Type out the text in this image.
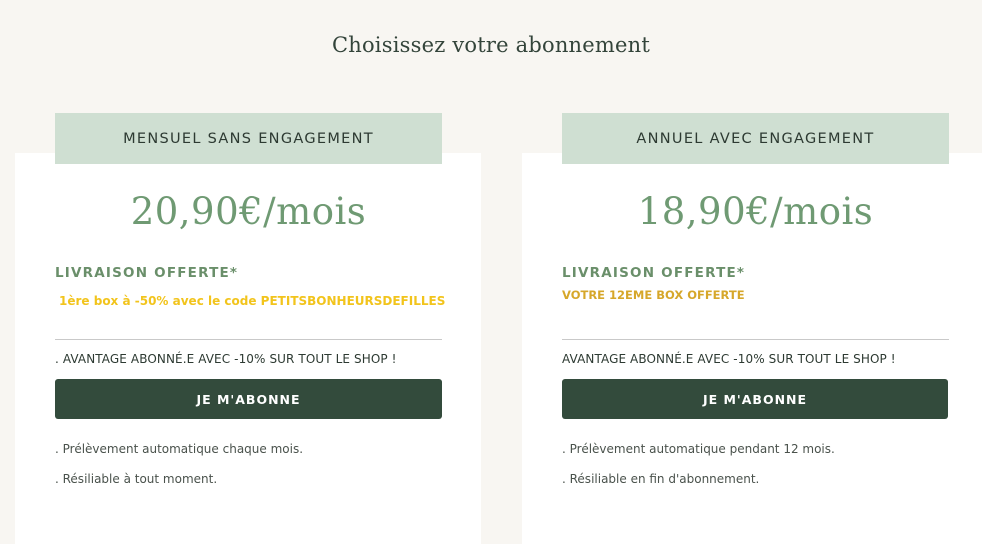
Choisissez votre abonnement
MENSUEL SANS ENGAGEMENT
20,90€/mois
LIVRAISON OFFERTE*
1ère box à -50% avec le code PETITSBONHEURSDEFILLES
. AVANTAGE ABONNÉ.E AVEC -10% SUR TOUT LE SHOP !
JE M'ABONNE
. Prélèvement automatique chaque mois.
. Résiliable à tout moment.
ANNUEL AVEC ENGAGEMENT
18,90€/mois
LIVRAISON OFFERTE*
VOTRE 12EME BOX OFFERTE
AVANTAGE ABONNÉ.E AVEC -10% SUR TOUT LE SHOP !
JE M'ABONNE
. Prélèvement automatique pendant 12 mois.
. Résiliable en fin d'abonnement.
